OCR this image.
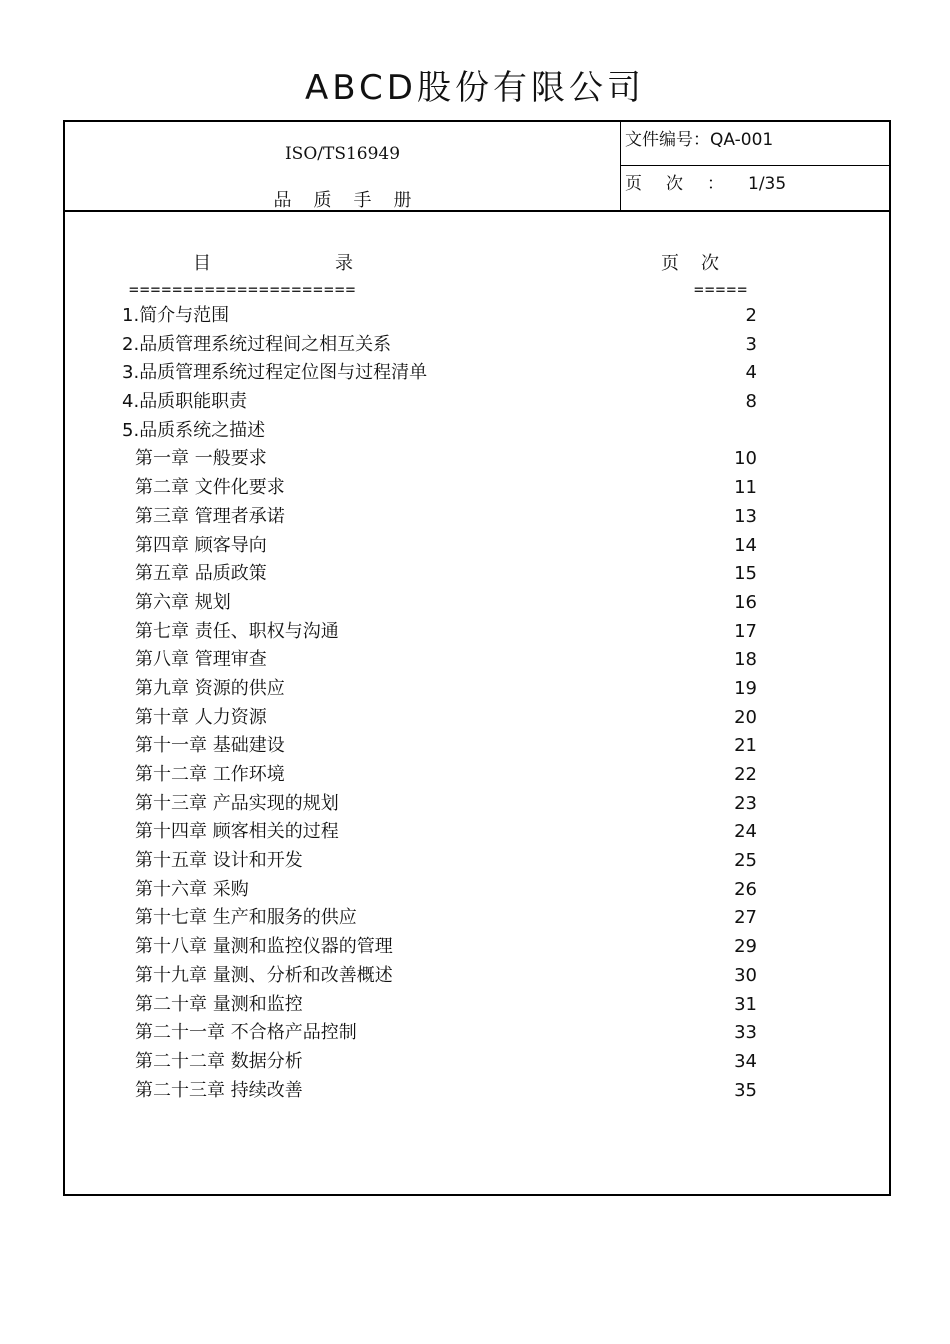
ABCD股份有限公司
ISO/TS16949
品质手册
文件编号：QA-001
页次：1/35
目录	页次
=====================	=====
1.简介与范围	2
2.品质管理系统过程间之相互关系	3
3.品质管理系统过程定位图与过程清单	4
4.品质职能职责	8
5.品质系统之描述
第一章 一般要求	10
第二章 文件化要求	11
第三章 管理者承诺	13
第四章 顾客导向	14
第五章 品质政策	15
第六章 规划	16
第七章 责任、职权与沟通	17
第八章 管理审查	18
第九章 资源的供应	19
第十章 人力资源	20
第十一章 基础建设	21
第十二章 工作环境	22
第十三章 产品实现的规划	23
第十四章 顾客相关的过程	24
第十五章 设计和开发	25
第十六章 采购	26
第十七章 生产和服务的供应	27
第十八章 量测和监控仪器的管理	29
第十九章 量测、分析和改善概述	30
第二十章 量测和监控	31
第二十一章 不合格产品控制	33
第二十二章 数据分析	34
第二十三章 持续改善	35
